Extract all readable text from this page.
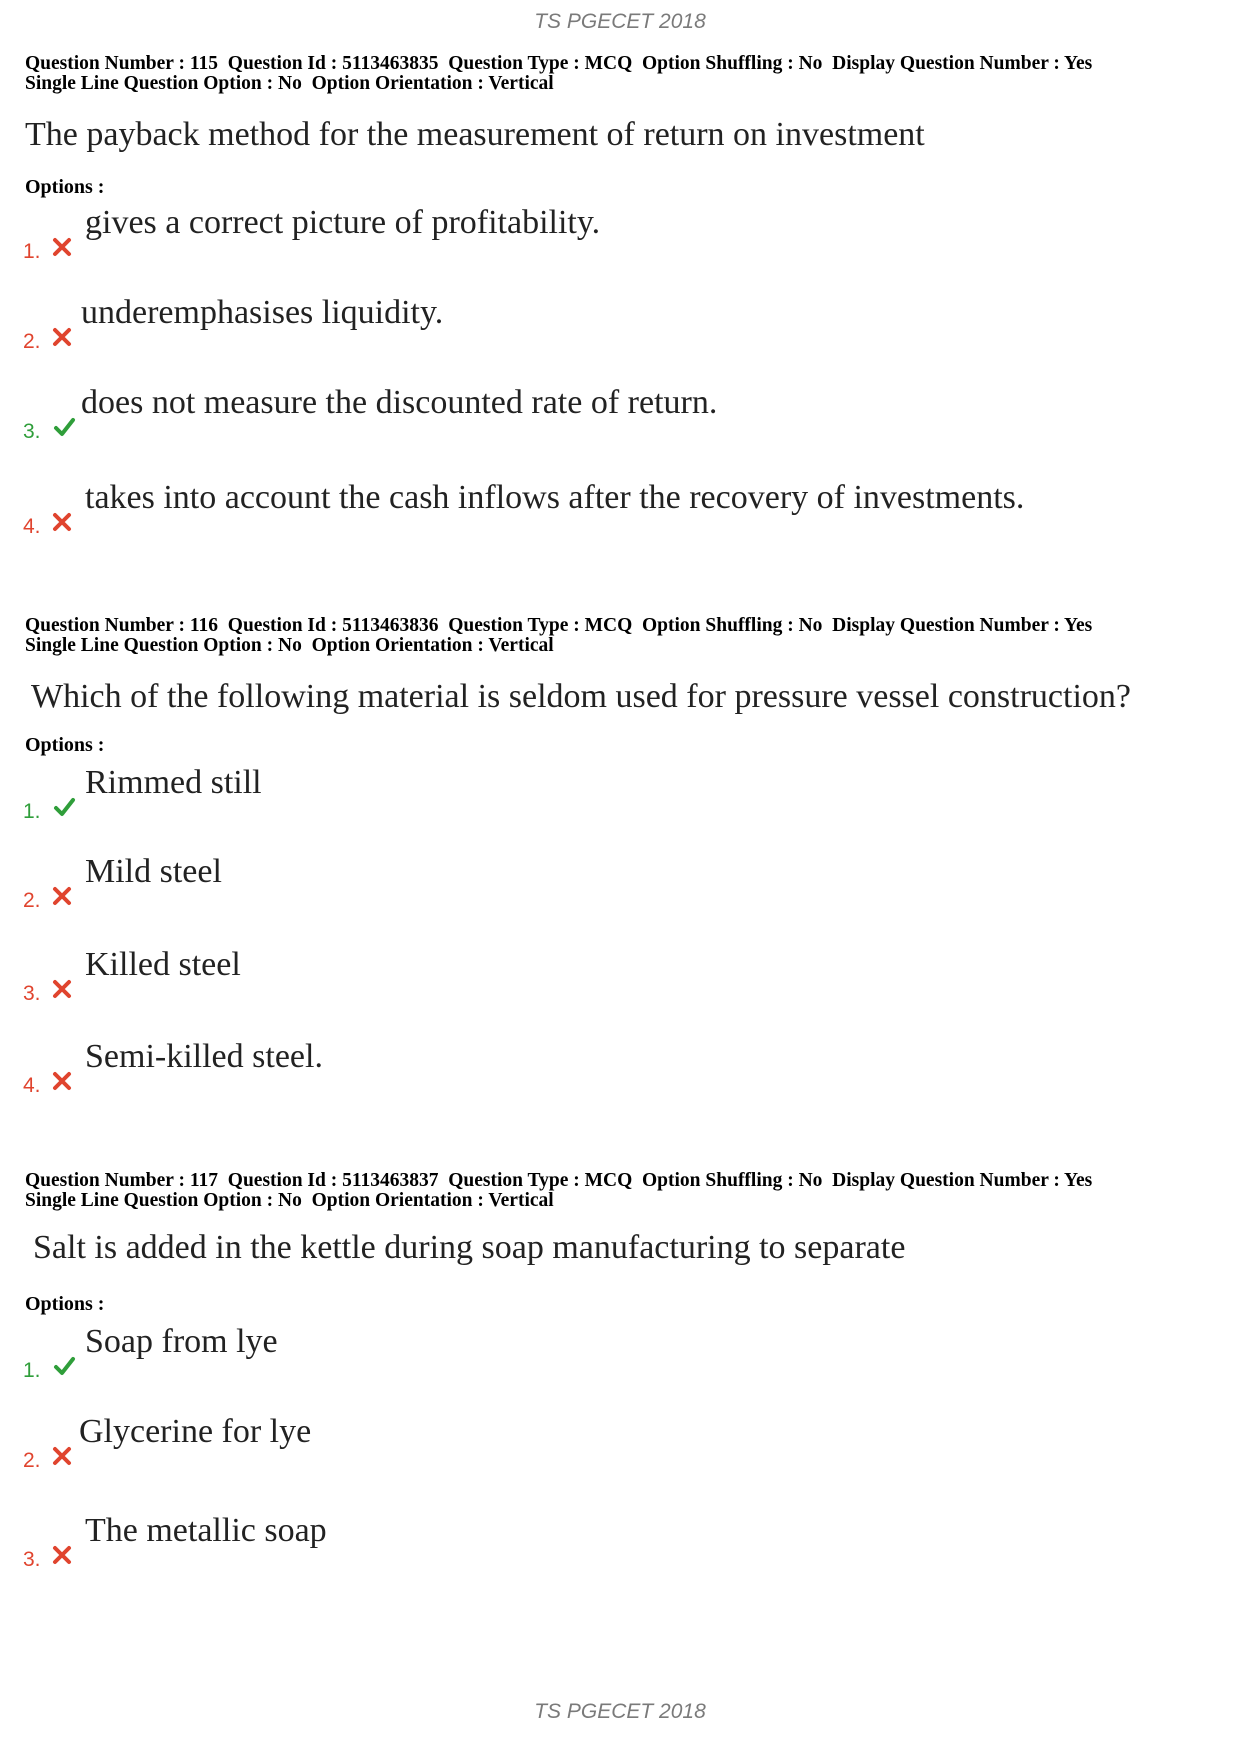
TS PGECET 2018
Question Number : 115  Question Id : 5113463835  Question Type : MCQ  Option Shuffling : No  Display Question Number : Yes
Single Line Question Option : No  Option Orientation : Vertical
The payback method for the measurement of return on investment
Options :
1.
gives a correct picture of profitability.
2.
underemphasises liquidity.
3.
does not measure the discounted rate of return.
4.
takes into account the cash inflows after the recovery of investments.
Question Number : 116  Question Id : 5113463836  Question Type : MCQ  Option Shuffling : No  Display Question Number : Yes
Single Line Question Option : No  Option Orientation : Vertical
Which of the following material is seldom used for pressure vessel construction?
Options :
1.
Rimmed still
2.
Mild steel
3.
Killed steel
4.
Semi-killed steel.
Question Number : 117  Question Id : 5113463837  Question Type : MCQ  Option Shuffling : No  Display Question Number : Yes
Single Line Question Option : No  Option Orientation : Vertical
Salt is added in the kettle during soap manufacturing to separate
Options :
1.
Soap from lye
2.
Glycerine for lye
3.
The metallic soap
TS PGECET 2018
